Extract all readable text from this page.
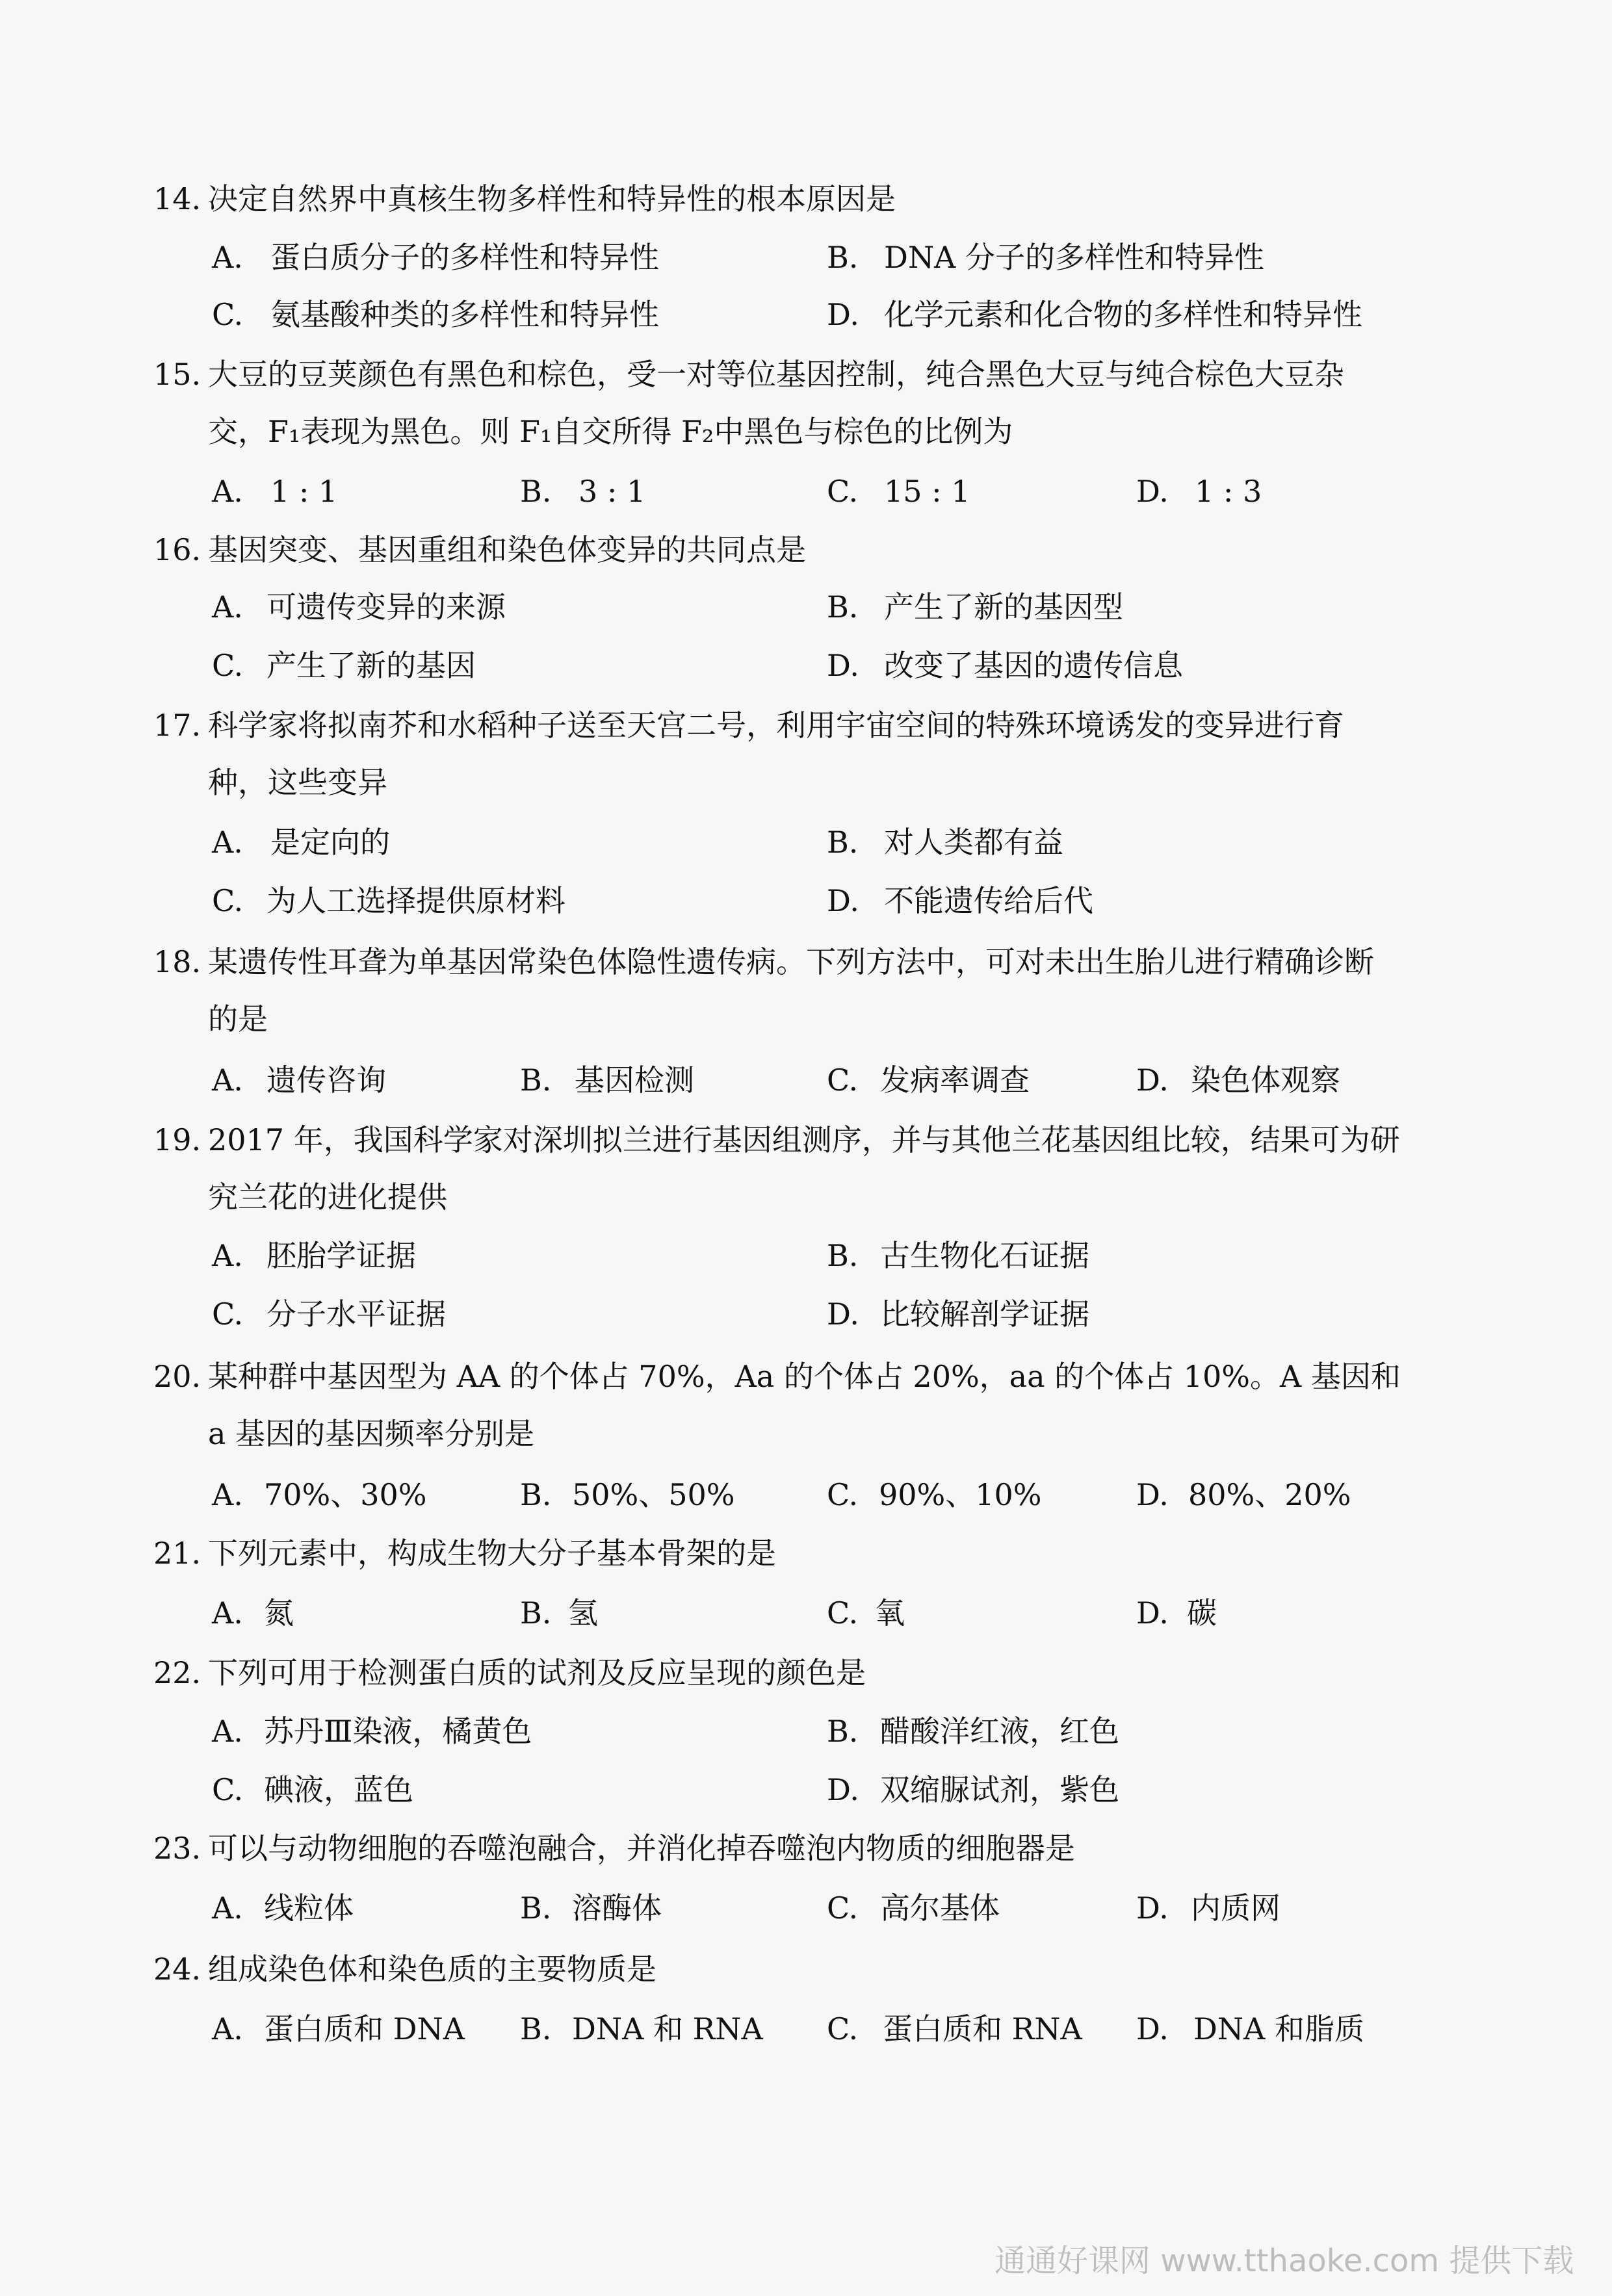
14. 决定自然界中真核生物多样性和特异性的根本原因是
A. 蛋白质分子的多样性和特异性	B. DNA 分子的多样性和特异性
C. 氨基酸种类的多样性和特异性	D. 化学元素和化合物的多样性和特异性
15. 大豆的豆荚颜色有黑色和棕色，受一对等位基因控制，纯合黑色大豆与纯合棕色大豆杂
交，F₁表现为黑色。则 F₁自交所得 F₂中黑色与棕色的比例为
A. 1 : 1	B. 3 : 1	C. 15 : 1	D. 1 : 3
16. 基因突变、基因重组和染色体变异的共同点是
A. 可遗传变异的来源	B. 产生了新的基因型
C. 产生了新的基因	D. 改变了基因的遗传信息
17. 科学家将拟南芥和水稻种子送至天宫二号，利用宇宙空间的特殊环境诱发的变异进行育
种，这些变异
A. 是定向的	B. 对人类都有益
C. 为人工选择提供原材料	D. 不能遗传给后代
18. 某遗传性耳聋为单基因常染色体隐性遗传病。下列方法中，可对未出生胎儿进行精确诊断
的是
A. 遗传咨询	B. 基因检测	C. 发病率调查	D. 染色体观察
19. 2017 年，我国科学家对深圳拟兰进行基因组测序，并与其他兰花基因组比较，结果可为研
究兰花的进化提供
A. 胚胎学证据	B. 古生物化石证据
C. 分子水平证据	D. 比较解剖学证据
20. 某种群中基因型为 AA 的个体占 70%，Aa 的个体占 20%，aa 的个体占 10%。A 基因和
a 基因的基因频率分别是
A. 70%、30%	B. 50%、50%	C. 90%、10%	D. 80%、20%
21. 下列元素中，构成生物大分子基本骨架的是
A. 氮	B. 氢	C. 氧	D. 碳
22. 下列可用于检测蛋白质的试剂及反应呈现的颜色是
A. 苏丹Ⅲ染液，橘黄色	B. 醋酸洋红液，红色
C. 碘液，蓝色	D. 双缩脲试剂，紫色
23. 可以与动物细胞的吞噬泡融合，并消化掉吞噬泡内物质的细胞器是
A. 线粒体	B. 溶酶体	C. 高尔基体	D. 内质网
24. 组成染色体和染色质的主要物质是
A. 蛋白质和 DNA B. DNA 和 RNA C. 蛋白质和 RNA D. DNA 和脂质
通通好课网 www.tthaoke.com 提供下载
